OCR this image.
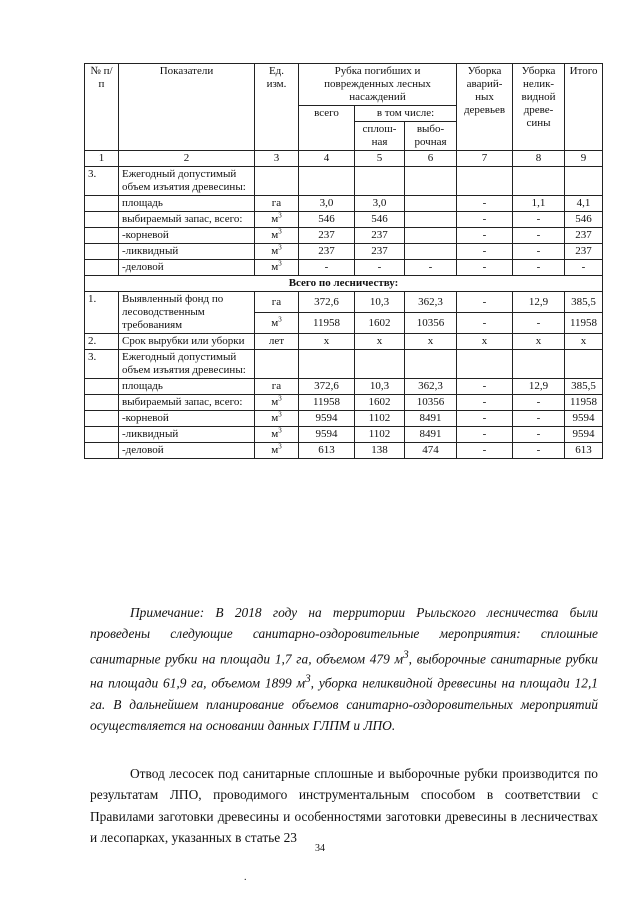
№ п/п	Показатели	Ед. изм.	Рубка погибших и поврежденных лесных насаждений			Уборка аварий-ных деревьев	Уборка нелик-видной древе-сины	Итого
			всего	в том числе:				
				сплош-ная	выбо-рочная			
1	2	3	4	5	6	7	8	9
3.	Ежегодный допустимый объем изъятия древесины:							
	площадь	га	3,0	3,0		-	1,1	4,1
	выбираемый запас, всего:	$м^3$	546	546		-	-	546
	-корневой	$м^3$	237	237		-	-	237
	-ликвидный	$м^3$	237	237		-	-	237
	-деловой	$м^3$	-	-	-	-	-	-
Всего по лесничеству:								
1.	Выявленный фонд по лесоводственным требованиям	га	372,6	10,3	362,3	-	12,9	385,5
		$м^3$	11958	1602	10356	-	-	11958
2.	Срок вырубки или уборки	лет	х	х	х	х	х	х
3.	Ежегодный допустимый объем изъятия древесины:							
	площадь	га	372,6	10,3	362,3	-	12,9	385,5
	выбираемый запас, всего:	$м^3$	11958	1602	10356	-	-	11958
	-корневой	$м^3$	9594	1102	8491	-	-	9594
	-ликвидный	$м^3$	9594	1102	8491	-	-	9594
	-деловой	$м^3$	613	138	474	-	-	613

Примечание: В 2018 году на территории Рыльского лесничества были проведены следующие санитарно-оздоровительные мероприятия: сплошные санитарные рубки на площади 1,7 га, объемом 479 $м^3$, выборочные санитарные рубки на площади 61,9 га, объемом 1899 $м^3$, уборка неликвидной древесины на площади 12,1 га. В дальнейшем планирование объемов санитарно-оздоровительных мероприятий осуществляется на основании данных ГЛПМ и ЛПО.

Отвод лесосек под санитарные сплошные и выборочные рубки производится по результатам ЛПО, проводимого инструментальным способом в соответствии с Правилами заготовки древесины и особенностями заготовки древесины в лесничествах и лесопарках, указанных в статье 23

34
.
